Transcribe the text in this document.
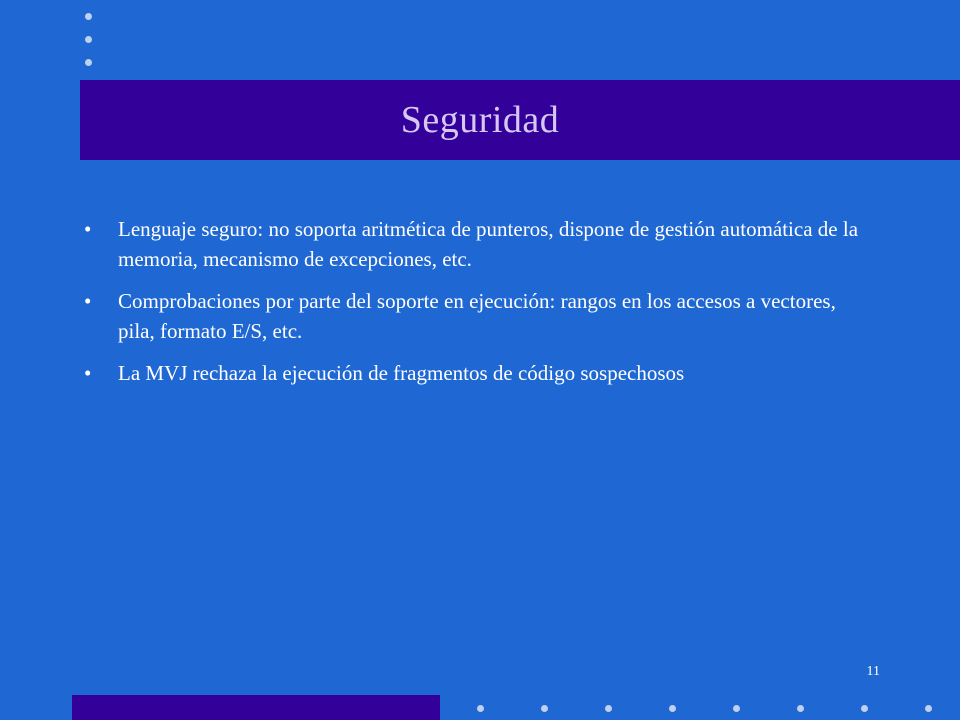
Seguridad
• Lenguaje seguro: no soporta aritmética de punteros, dispone de gestión automática de la memoria, mecanismo de excepciones, etc.
• Comprobaciones por parte del soporte en ejecución: rangos en los accesos a vectores, pila, formato E/S, etc.
• La MVJ rechaza la ejecución de fragmentos de código sospechosos
11
